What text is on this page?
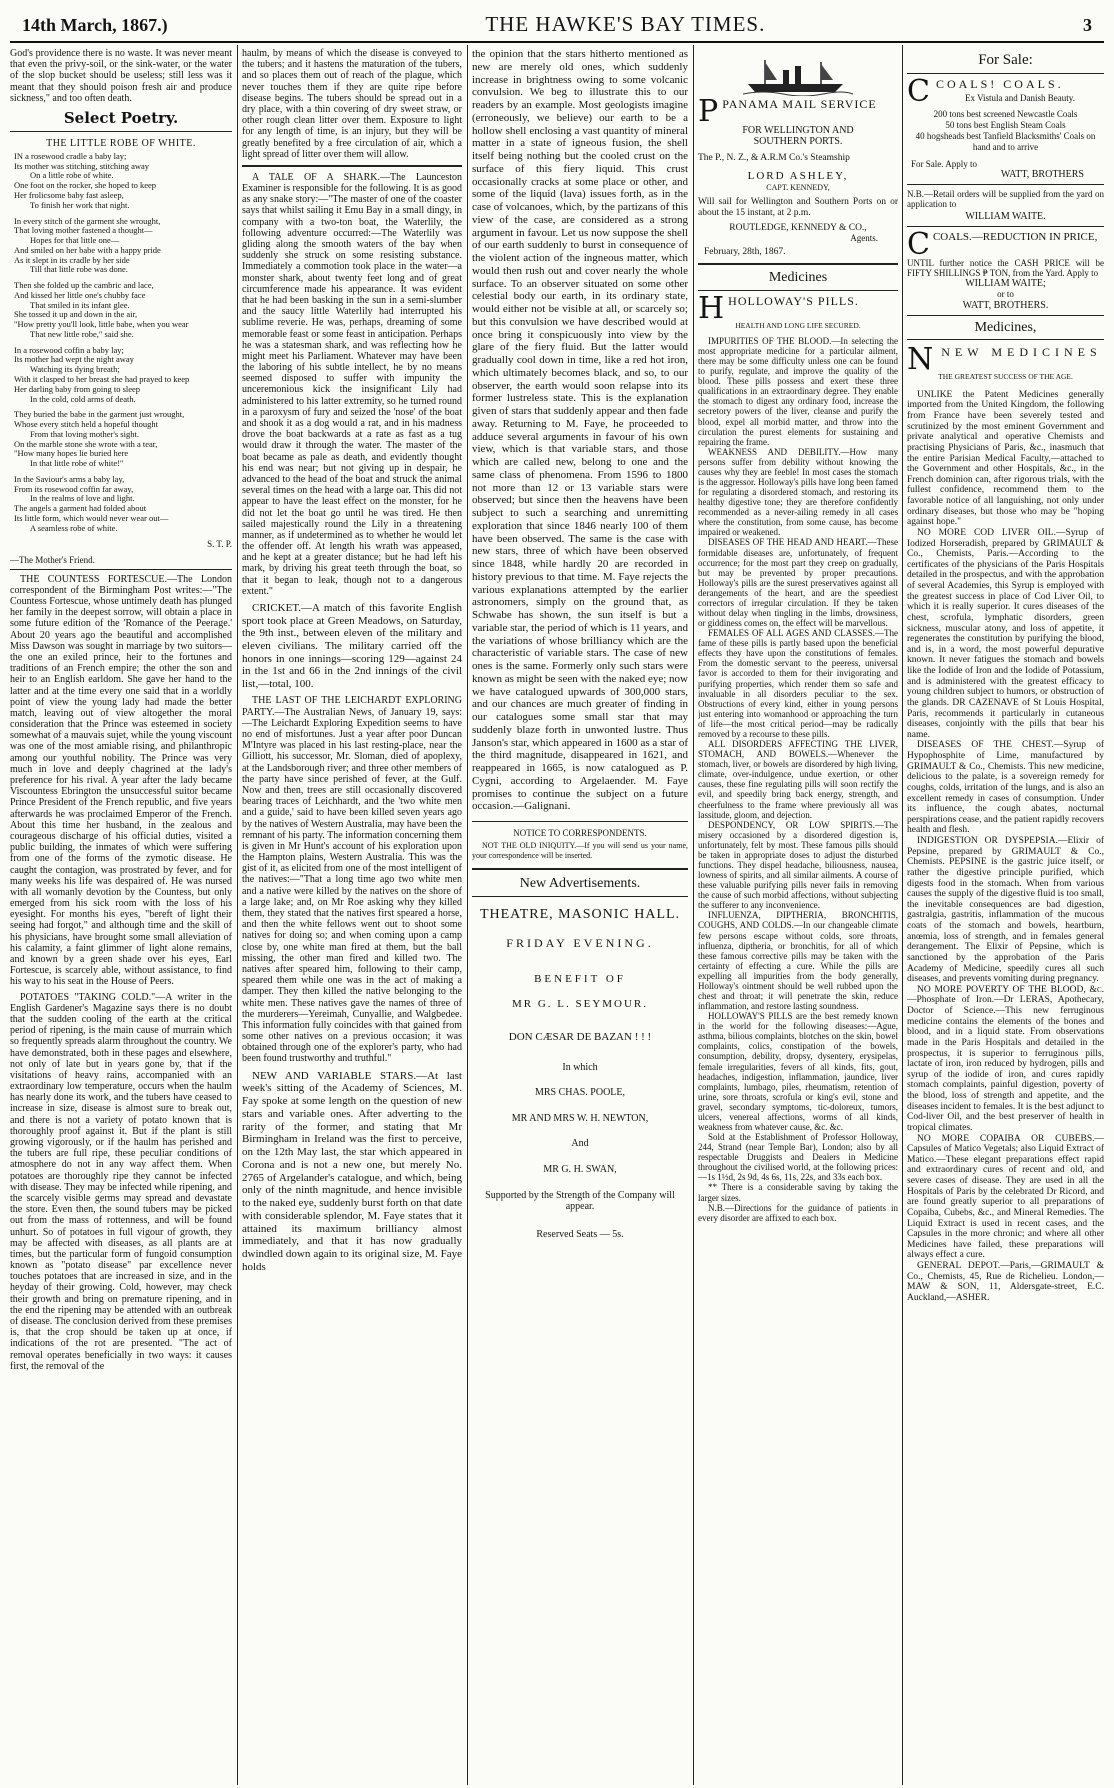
14th March, 1867.)	THE HAWKE'S BAY TIMES.	3

God's providence there is no waste. It was never meant that even the privy-soil, or the sink-water, or the water of the slop bucket should be useless; still less was it meant that they should poison fresh air and produce sickness," and too often death.

Select Poetry.
THE LITTLE ROBE OF WHITE.
IN a rosewood cradle a baby lay;
Its mother was stitching, stitching away
On a little robe of white.
One foot on the rocker, she hoped to keep
Her frolicsome baby fast asleep,
To finish her work that night.
In every stitch of the garment she wrought,
That loving mother fastened a thought—
Hopes for that little one—
And smiled on her babe with a happy pride
As it slept in its cradle by her side
Till that little robe was done.
Then she folded up the cambric and lace,
And kissed her little one's chubby face
That smiled in its infant glee.
She tossed it up and down in the air,
"How pretty you'll look, little babe, when you wear
That new little robe," said she.
In a rosewood coffin a baby lay;
Its mother had wept the night away
Watching its dying breath;
With it clasped to her breast she had prayed to keep
Her darling baby from going to sleep
In the cold, cold arms of death.
They buried the babe in the garment just wrought,
Whose every stitch held a hopeful thought
From that loving mother's sight.
On the marble stone she wrote with a tear,
"How many hopes lie buried here
In that little robe of white!"
In the Saviour's arms a baby lay,
From its rosewood coffin far away,
In the realms of love and light.
The angels a garment had folded about
Its little form, which would never wear out—
A seamless robe of white.
S. T. P.
—The Mother's Friend.

THE COUNTESS FORTESCUE.—The London correspondent of the Birmingham Post writes:—"The Countess Fortescue, whose untimely death has plunged her family in the deepest sorrow, will obtain a place in some future edition of the 'Romance of the Peerage.' About 20 years ago the beautiful and accomplished Miss Dawson was sought in marriage by two suitors—the one an exiled prince, heir to the fortunes and traditions of an French empire; the other the son and heir to an English earldom. She gave her hand to the latter and at the time every one said that in a worldly point of view the young lady had made the better match, leaving out of view altogether the moral consideration that the Prince was esteemed in society somewhat of a mauvais sujet, while the young viscount was one of the most amiable rising, and philanthropic among our youthful nobility. The Prince was very much in love and deeply chagrined at the lady's preference for his rival. A year after the lady became Viscountess Ebrington the unsuccessful suitor became Prince President of the French republic, and five years afterwards he was proclaimed Emperor of the French. About this time her husband, in the zealous and courageous discharge of his official duties, visited a public building, the inmates of which were suffering from one of the forms of the zymotic disease. He caught the contagion, was prostrated by fever, and for many weeks his life was despaired of. He was nursed with all womanly devotion by the Countess, but only emerged from his sick room with the loss of his eyesight. For months his eyes, "bereft of light their seeing had forgot," and although time and the skill of his physicians, have brought some small alleviation of his calamity, a faint glimmer of light alone remains, and known by a green shade over his eyes, Earl Fortescue, is scarcely able, without assistance, to find his way to his seat in the House of Peers.

POTATOES "TAKING COLD."—A writer in the English Gardener's Magazine says there is no doubt that the sudden cooling of the earth at the critical period of ripening, is the main cause of murrain which so frequently spreads alarm throughout the country. We have demonstrated, both in these pages and elsewhere, not only of late but in years gone by, that if the visitations of heavy rains, accompanied with an extraordinary low temperature, occurs when the haulm has nearly done its work, and the tubers have ceased to increase in size, disease is almost sure to break out, and there is not a variety of potato known that is thoroughly proof against it. But if the plant is still growing vigorously, or if the haulm has perished and the tubers are full ripe, these peculiar conditions of atmosphere do not in any way affect them. When potatoes are thoroughly ripe they cannot be infected with disease. They may be infected while ripening, and the scarcely visible germs may spread and devastate the store. Even then, the sound tubers may be picked out from the mass of rottenness, and will be found unhurt. So of potatoes in full vigour of growth, they may be affected with diseases, as all plants are at times, but the particular form of fungoid consumption known as "potato disease" par excellence never touches potatoes that are increased in size, and in the heyday of their growing. Cold, however, may check their growth and bring on premature ripening, and in the end the ripening may be attended with an outbreak of disease. The conclusion derived from these premises is, that the crop should be taken up at once, if indications of the rot are presented. "The act of removal operates beneficially in two ways: it causes first, the removal of the

haulm, by means of which the disease is conveyed to the tubers; and it hastens the maturation of the tubers, and so places them out of reach of the plague, which never touches them if they are quite ripe before disease begins. The tubers should be spread out in a dry place, with a thin covering of dry sweet straw, or other rough clean litter over them. Exposure to light for any length of time, is an injury, but they will be greatly benefited by a free circulation of air, which a light spread of litter over them will allow.

A TALE OF A SHARK.—The Launceston Examiner is responsible for the following. It is as good as any snake story:—"The master of one of the coaster says that whilst sailing it Emu Bay in a small dingy, in company with a two-ton boat, the Waterlily, the following adventure occurred:—The Waterlily was gliding along the smooth waters of the bay when suddenly she struck on some resisting substance. Immediately a commotion took place in the water—a monster shark, about twenty feet long and of great circumference made his appearance. It was evident that he had been basking in the sun in a semi-slumber and the saucy little Waterlily had interrupted his sublime reverie. He was, perhaps, dreaming of some memorable feast or some feast in anticipation. Perhaps he was a statesman shark, and was reflecting how he might meet his Parliament. Whatever may have been the laboring of his subtle intellect, he by no means seemed disposed to suffer with impunity the unceremonious kick the insignificant Lily had administered to his latter extremity, so he turned round in a paroxysm of fury and seized the 'nose' of the boat and shook it as a dog would a rat, and in his madness drove the boat backwards at a rate as fast as a tug would draw it through the water. The master of the boat became as pale as death, and evidently thought his end was near; but not giving up in despair, he advanced to the head of the boat and struck the animal several times on the head with a large oar. This did not appear to have the least effect on the monster, for he did not let the boat go until he was tired. He then sailed majestically round the Lily in a threatening manner, as if undetermined as to whether he would let the offender off. At length his wrath was appeased, and he kept at a greater distance; but he had left his mark, by driving his great teeth through the boat, so that it began to leak, though not to a dangerous extent."

CRICKET.—A match of this favorite English sport took place at Green Meadows, on Saturday, the 9th inst., between eleven of the military and eleven civilians. The military carried off the honors in one innings—scoring 129—against 24 in the 1st and 66 in the 2nd innings of the civil list,—total, 100.

THE LAST OF THE LEICHARDT EXPLORING PARTY.—The Australian News, of January 19, says:—The Leichardt Exploring Expedition seems to have no end of misfortunes. Just a year after poor Duncan M'Intyre was placed in his last resting-place, near the Gilliott, his successor, Mr. Sloman, died of apoplexy, at the Landsborough river; and three other members of the party have since perished of fever, at the Gulf. Now and then, trees are still occasionally discovered bearing traces of Leichhardt, and the 'two white men and a guide,' said to have been killed seven years ago by the natives of Western Australia, may have been the remnant of his party. The information concerning them is given in Mr Hunt's account of his exploration upon the Hampton plains, Western Australia. This was the gist of it, as elicited from one of the most intelligent of the natives:—"That a long time ago two white men and a native were killed by the natives on the shore of a large lake; and, on Mr Roe asking why they killed them, they stated that the natives first speared a horse, and then the white fellows went out to shoot some natives for doing so; and when coming upon a camp close by, one white man fired at them, but the ball missing, the other man fired and killed two. The natives after speared him, following to their camp, speared them while one was in the act of making a damper. They then killed the native belonging to the white men. These natives gave the names of three of the murderers—Yereimah, Cunyallie, and Walgbedee. This information fully coincides with that gained from some other natives on a previous occasion; it was obtained through one of the explorer's party, who had been found trustworthy and truthful."

NEW AND VARIABLE STARS.—At last week's sitting of the Academy of Sciences, M. Fay spoke at some length on the question of new stars and variable ones. After adverting to the rarity of the former, and stating that Mr Birmingham in Ireland was the first to perceive, on the 12th May last, the star which appeared in Corona and is not a new one, but merely No. 2765 of Argelander's catalogue, and which, being only of the ninth magnitude, and hence invisible to the naked eye, suddenly burst forth on that date with considerable splendor, M. Faye states that it attained its maximum brilliancy almost immediately, and that it has now gradually dwindled down again to its original size, M. Faye holds

the opinion that the stars hitherto mentioned as new are merely old ones, which suddenly increase in brightness owing to some volcanic convulsion. We beg to illustrate this to our readers by an example. Most geologists imagine (erroneously, we believe) our earth to be a hollow shell enclosing a vast quantity of mineral matter in a state of igneous fusion, the shell itself being nothing but the cooled crust on the surface of this fiery liquid. This crust occasionally cracks at some place or other, and some of the liquid (lava) issues forth, as in the case of volcanoes, which, by the partizans of this view of the case, are considered as a strong argument in favour. Let us now suppose the shell of our earth suddenly to burst in consequence of the violent action of the ingneous matter, which would then rush out and cover nearly the whole surface. To an observer situated on some other celestial body our earth, in its ordinary state, would either not be visible at all, or scarcely so; but this convulsion we have described would at once bring it conspicuously into view by the glare of the fiery fluid. But the latter would gradually cool down in time, like a red hot iron, which ultimately becomes black, and so, to our observer, the earth would soon relapse into its former lustreless state. This is the explanation given of stars that suddenly appear and then fade away. Returning to M. Faye, he proceeded to adduce several arguments in favour of his own view, which is that variable stars, and those which are called new, belong to one and the same class of phenomena. From 1596 to 1800 not more than 12 or 13 variable stars were observed; but since then the heavens have been subject to such a searching and unremitting exploration that since 1846 nearly 100 of them have been observed. The same is the case with new stars, three of which have been observed since 1848, while hardly 20 are recorded in history previous to that time. M. Faye rejects the various explanations attempted by the earlier astronomers, simply on the ground that, as Schwabe has shown, the sun itself is but a variable star, the period of which is 11 years, and the variations of whose brilliancy which are the characteristic of variable stars. The case of new ones is the same. Formerly only such stars were known as might be seen with the naked eye; now we have catalogued upwards of 300,000 stars, and our chances are much greater of finding in our catalogues some small star that may suddenly blaze forth in unwonted lustre. Thus Janson's star, which appeared in 1600 as a star of the third magnitude, disappeared in 1621, and reappeared in 1665, is now catalogued as P. Cygni, according to Argelaender. M. Faye promises to continue the subject on a future occasion.—Galignani.

NOTICE TO CORRESPONDENTS.

NOT THE OLD INIQUITY.—If you will send us your name, your correspondence will be inserted.

New Advertisements.
THEATRE, MASONIC HALL.
FRIDAY EVENING.
BENEFIT OF
MR G. L. SEYMOUR.
DON CÆSAR DE BAZAN ! ! !
In which
MRS CHAS. POOLE,
MR AND MRS W. H. NEWTON,
And
MR G. H. SWAN,
Supported by the Strength of the Company will appear.
Reserved Seats — 5s.
PPANAMA MAIL SERVICE
FOR WELLINGTON AND
SOUTHERN PORTS.

The P., N. Z., & A.R.M Co.'s Steamship

LORD ASHLEY,
CAPT. KENNEDY,

Will sail for Wellington and Southern Ports on or about the 15 instant, at 2 p.m.

ROUTLEDGE, KENNEDY & CO.,
Agents.
February, 28th, 1867.
Medicines
HHOLLOWAY'S PILLS.
HEALTH AND LONG LIFE SECURED.

IMPURITIES OF THE BLOOD.—In selecting the most appropriate medicine for a particular ailment, there may be some difficulty unless one can be found to purify, regulate, and improve the quality of the blood. These pills possess and exert these three qualifications in an extraordinary degree. They enable the stomach to digest any ordinary food, increase the secretory powers of the liver, cleanse and purify the blood, expel all morbid matter, and throw into the circulation the purest elements for sustaining and repairing the frame.

WEAKNESS AND DEBILITY.—How many persons suffer from debility without knowing the causes why they are feeble! In most cases the stomach is the aggressor. Holloway's pills have long been famed for regulating a disordered stomach, and restoring its healthy digestive tone; they are therefore confidently recommended as a never-ailing remedy in all cases where the constitution, from some cause, has become impaired or weakened.

DISEASES OF THE HEAD AND HEART.—These formidable diseases are, unfortunately, of frequent occurrence; for the most part they creep on gradually, but may be prevented by proper precautions. Holloway's pills are the surest preservatives against all derangements of the heart, and are the speediest correctors of irregular circulation. If they be taken without delay when tingling in the limbs, drowsiness, or giddiness comes on, the effect will be marvellous.

FEMALES OF ALL AGES AND CLASSES.—The fame of these pills is partly based upon the beneficial effects they have upon the constitutions of females. From the domestic servant to the peeress, universal favor is accorded to them for their invigorating and purifying properties, which render them so safe and invaluable in all disorders peculiar to the sex. Obstructions of every kind, either in young persons just entering into womanhood or approaching the turn of life—the most critical period—may be radically removed by a recourse to these pills.

ALL DISORDERS AFFECTING THE LIVER, STOMACH, AND BOWELS.—Whenever the stomach, liver, or bowels are disordered by high living, climate, over-indulgence, undue exertion, or other causes, these fine regulating pills will soon rectify the evil, and speedily bring back energy, strength, and cheerfulness to the frame where previously all was lassitude, gloom, and dejection.

DESPONDENCY, OR LOW SPIRITS.—The misery occasioned by a disordered digestion is, unfortunately, felt by most. These famous pills should be taken in appropriate doses to adjust the disturbed functions. They dispel headache, biliousness, nausea, lowness of spirits, and all similar ailments. A course of these valuable purifying pills never fails in removing the cause of such morbid affections, without subjecting the sufferer to any inconvenience.

INFLUENZA, DIPTHERIA, BRONCHITIS, COUGHS, AND COLDS.—In our changeable climate few persons escape without colds, sore throats, influenza, diptheria, or bronchitis, for all of which these famous corrective pills may be taken with the certainty of effecting a cure. While the pills are expelling all impurities from the body generally, Holloway's ointment should be well rubbed upon the chest and throat; it will penetrate the skin, reduce inflammation, and restore lasting soundness.

HOLLOWAY'S PILLS are the best remedy known in the world for the following diseases:—Ague, asthma, bilious complaints, blotches on the skin, bowel complaints, colics, constipation of the bowels, consumption, debility, dropsy, dysentery, erysipelas, female irregularities, fevers of all kinds, fits, gout, headaches, indigestion, inflammation, jaundice, liver complaints, lumbago, piles, rheumatism, retention of urine, sore throats, scrofula or king's evil, stone and gravel, secondary symptoms, tic-doloreux, tumors, ulcers, venereal affections, worms of all kinds, weakness from whatever cause, &c. &c.

Sold at the Establishment of Professor Holloway, 244, Strand (near Temple Bar), London; also by all respectable Druggists and Dealers in Medicine throughout the civilised world, at the following prices:—1s 1½d, 2s 9d, 4s 6s, 11s, 22s, and 33s each box.

** There is a considerable saving by taking the larger sizes.

N.B.—Directions for the guidance of patients in every disorder are affixed to each box.

For Sale:
CCOALS! COALS.
Ex Vistula and Danish Beauty.
200 tons best screened Newcastle Coals
50 tons best English Steam Coals
40 hogsheads best Tanfield Blacksmiths' Coals on hand and to arrive
For Sale. Apply to
WATT, BROTHERS

N.B.—Retail orders will be supplied from the yard on application to

WILLIAM WAITE.
CCOALS.—REDUCTION IN PRICE,

UNTIL further notice the CASH PRICE will be FIFTY SHILLINGS ₱ TON, from the Yard. Apply to

WILLIAM WAITE;
or to
WATT, BROTHERS.
Medicines,
NNEW MEDICINES
THE GREATEST SUCCESS OF THE AGE.

UNLIKE the Patent Medicines generally imported from the United Kingdom, the following from France have been severely tested and scrutinized by the most eminent Government and private analytical and operative Chemists and practising Physicians of Paris, &c., inasmuch that the entire Parisian Medical Faculty,—attached to the Government and other Hospitals, &c., in the French dominion can, after rigorous trials, with the fullest confidence, recommend them to the favorable notice of all languishing, not only under ordinary diseases, but those who may be "hoping against hope."

NO MORE COD LIVER OIL.—Syrup of Iodized Horseradish, prepared by GRIMAULT & Co., Chemists, Paris.—According to the certificates of the physicians of the Paris Hospitals detailed in the prospectus, and with the approbation of several Academies, this Syrup is employed with the greatest success in place of Cod Liver Oil, to which it is really superior. It cures diseases of the chest, scrofula, lymphatic disorders, green sickness, muscular atony, and loss of appetite, it regenerates the constitution by purifying the blood, and is, in a word, the most powerful depurative known. It never fatigues the stomach and bowels like the Iodide of Iron and the Iodide of Potassium, and is administered with the greatest efficacy to young children subject to humors, or obstruction of the glands. DR CAZENAVE of St Louis Hospital, Paris, recommends it particularly in cutaneous diseases, conjointly with the pills that bear his name.

DISEASES OF THE CHEST.—Syrup of Hypophosphite of Lime, manufactured by GRIMAULT & Co., Chemists. This new medicine, delicious to the palate, is a sovereign remedy for coughs, colds, irritation of the lungs, and is also an excellent remedy in cases of consumption. Under its influence, the cough abates, nocturnal perspirations cease, and the patient rapidly recovers health and flesh.

INDIGESTION OR DYSPEPSIA.—Elixir of Pepsine, prepared by GRIMAULT & Co., Chemists. PEPSINE is the gastric juice itself, or rather the digestive principle purified, which digests food in the stomach. When from various causes the supply of the digestive fluid is too small, the inevitable consequences are bad digestion, gastralgia, gastritis, inflammation of the mucous coats of the stomach and bowels, heartburn, anœmia, loss of strength, and in females general derangement. The Elixir of Pepsine, which is sanctioned by the approbation of the Paris Academy of Medicine, speedily cures all such diseases, and prevents vomiting during pregnancy.

NO MORE POVERTY OF THE BLOOD, &c.—Phosphate of Iron.—Dr LERAS, Apothecary, Doctor of Science.—This new ferruginous medicine contains the elements of the bones and blood, and in a liquid state. From observations made in the Paris Hospitals and detailed in the prospectus, it is superior to ferruginous pills, lactate of iron, iron reduced by hydrogen, pills and syrup of the iodide of iron, and cures rapidly stomach complaints, painful digestion, poverty of the blood, loss of strength and appetite, and the diseases incident to females. It is the best adjunct to Cod-liver Oil, and the best preserver of health in tropical climates.

NO MORE COPAIBA OR CUBEBS.—Capsules of Matico Vegetals; also Liquid Extract of Matico.—These elegant preparations effect rapid and extraordinary cures of recent and old, and severe cases of disease. They are used in all the Hospitals of Paris by the celebrated Dr Ricord, and are found greatly superior to all preparations of Copaiba, Cubebs, &c., and Mineral Remedies. The Liquid Extract is used in recent cases, and the Capsules in the more chronic; and where all other Medicines have failed, these preparations will always effect a cure.

GENERAL DEPOT.—Paris,—GRIMAULT & Co., Chemists, 45, Rue de Richelieu. London,—MAW & SON, 11, Aldersgate-street, E.C. Auckland,—ASHER.
